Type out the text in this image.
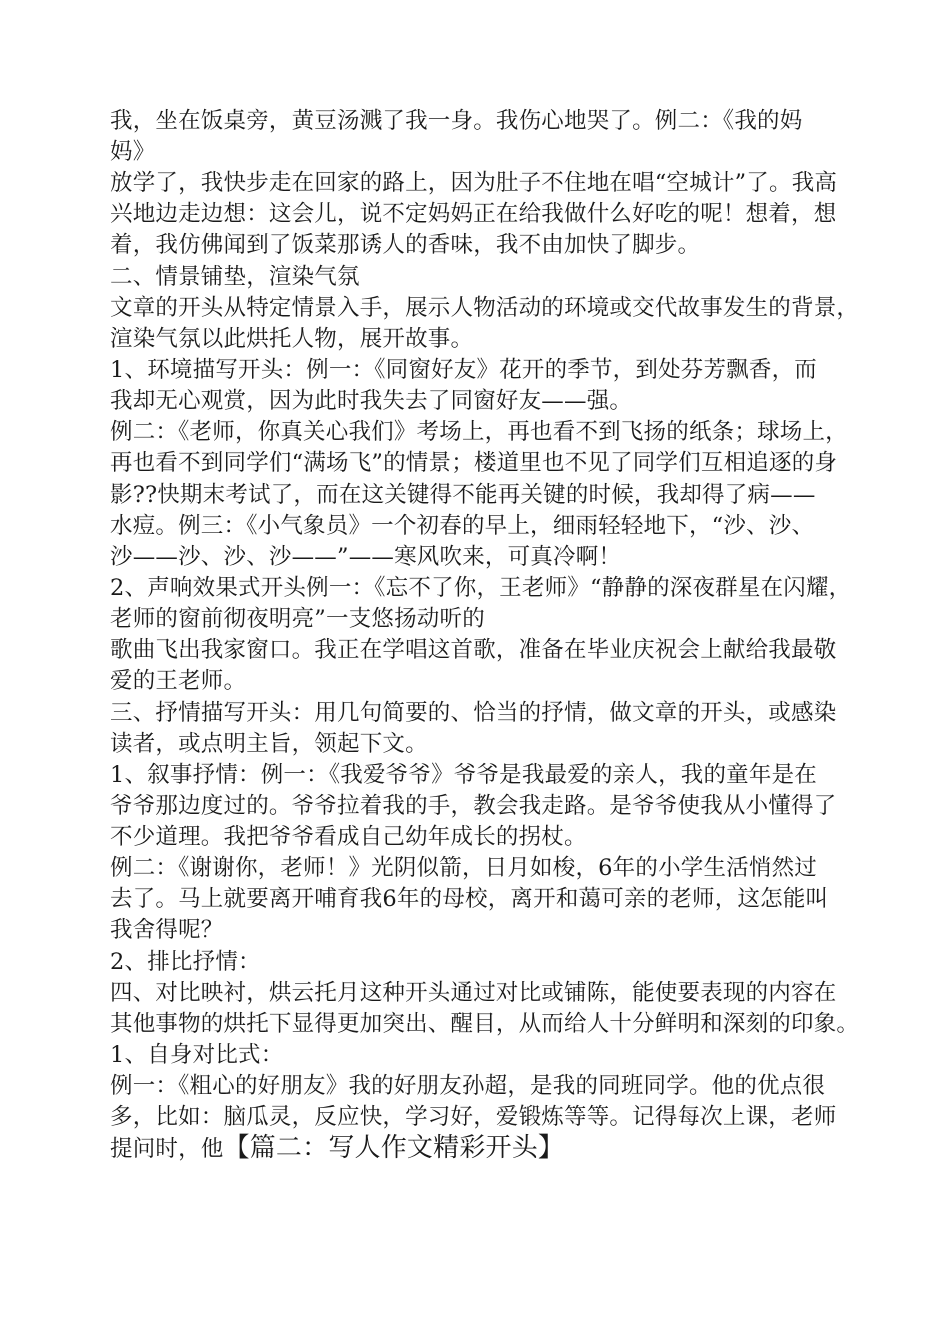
我，坐在饭桌旁，黄豆汤溅了我一身。我伤心地哭了。例二：《我的妈
妈》
放学了，我快步走在回家的路上，因为肚子不住地在唱“空城计”了。我高
兴地边走边想：这会儿，说不定妈妈正在给我做什么好吃的呢！想着，想
着，我仿佛闻到了饭菜那诱人的香味，我不由加快了脚步。
二、情景铺垫，渲染气氛
文章的开头从特定情景入手，展示人物活动的环境或交代故事发生的背景，
渲染气氛以此烘托人物，展开故事。
1、环境描写开头：例一：《同窗好友》花开的季节，到处芬芳飘香，而
我却无心观赏，因为此时我失去了同窗好友——强。
例二：《老师，你真关心我们》考场上，再也看不到飞扬的纸条；球场上，
再也看不到同学们“满场飞”的情景；楼道里也不见了同学们互相追逐的身
影??快期末考试了，而在这关键得不能再关键的时候，我却得了病——
水痘。例三：《小气象员》一个初春的早上，细雨轻轻地下，“沙、沙、
沙——沙、沙、沙——”——寒风吹来，可真冷啊！
2、声响效果式开头例一：《忘不了你，王老师》“静静的深夜群星在闪耀，
老师的窗前彻夜明亮”一支悠扬动听的
歌曲飞出我家窗口。我正在学唱这首歌，准备在毕业庆祝会上献给我最敬
爱的王老师。
三、抒情描写开头：用几句简要的、恰当的抒情，做文章的开头，或感染
读者，或点明主旨，领起下文。
1、叙事抒情：例一：《我爱爷爷》爷爷是我最爱的亲人，我的童年是在
爷爷那边度过的。爷爷拉着我的手，教会我走路。是爷爷使我从小懂得了
不少道理。我把爷爷看成自己幼年成长的拐杖。
例二：《谢谢你，老师！》光阴似箭，日月如梭，6年的小学生活悄然过
去了。马上就要离开哺育我6年的母校，离开和蔼可亲的老师，这怎能叫
我舍得呢？
2、排比抒情：
四、对比映衬，烘云托月这种开头通过对比或铺陈，能使要表现的内容在
其他事物的烘托下显得更加突出、醒目，从而给人十分鲜明和深刻的印象。
1、自身对比式：
例一：《粗心的好朋友》我的好朋友孙超，是我的同班同学。他的优点很
多，比如：脑瓜灵，反应快，学习好，爱锻炼等等。记得每次上课，老师
提问时，他【篇二：写人作文精彩开头】
